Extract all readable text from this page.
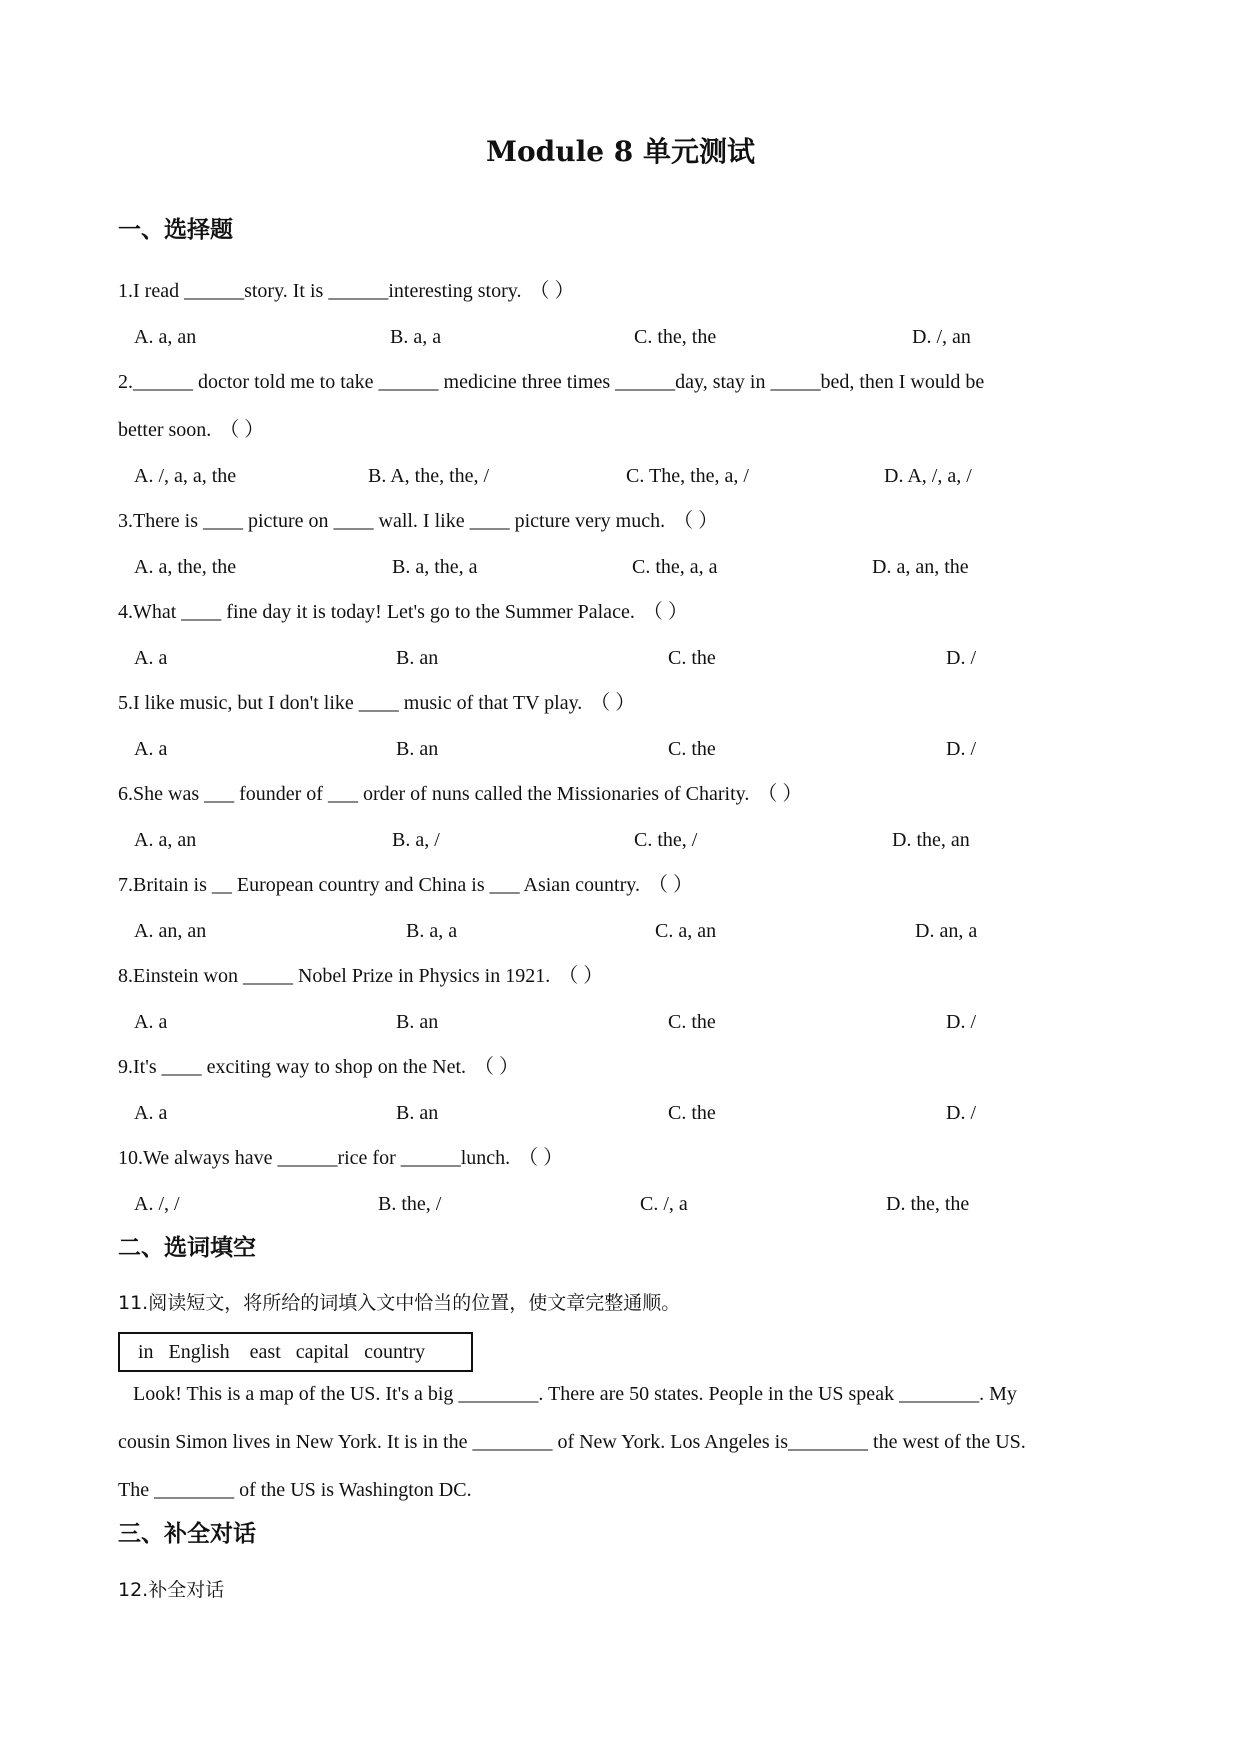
Module 8 单元测试
一、选择题
1.I read ______story. It is ______interesting story. （ ）
A. a, an	B. a, a	C. the, the	D. /, an
2.______ doctor told me to take ______ medicine three times ______day, stay in _____bed, then I would be
better soon. （ ）
A. /, a, a, the	B. A, the, the, /	C. The, the, a, /	D. A, /, a, /
3.There is ____ picture on ____ wall. I like ____ picture very much. （ ）
A. a, the, the	B. a, the, a	C. the, a, a	D. a, an, the
4.What ____ fine day it is today! Let's go to the Summer Palace. （ ）
A. a	B. an	C. the	D. /
5.I like music, but I don't like ____ music of that TV play. （ ）
A. a	B. an	C. the	D. /
6.She was ___ founder of ___ order of nuns called the Missionaries of Charity. （ ）
A. a, an	B. a, /	C. the, /	D. the, an
7.Britain is __ European country and China is ___ Asian country. （ ）
A. an, an	B. a, a	C. a, an	D. an, a
8.Einstein won _____ Nobel Prize in Physics in 1921. （ ）
A. a	B. an	C. the	D. /
9.It's ____ exciting way to shop on the Net. （ ）
A. a	B. an	C. the	D. /
10.We always have ______rice for ______lunch. （ ）
A. /, /	B. the, /	C. /, a	D. the, the
二、选词填空
11.阅读短文，将所给的词填入文中恰当的位置，使文章完整通顺。
in   English    east   capital   country
Look! This is a map of the US. It's a big ________. There are 50 states. People in the US speak ________. My
cousin Simon lives in New York. It is in the ________ of New York. Los Angeles is________ the west of the US.
The ________ of the US is Washington DC.
三、补全对话
12.补全对话
